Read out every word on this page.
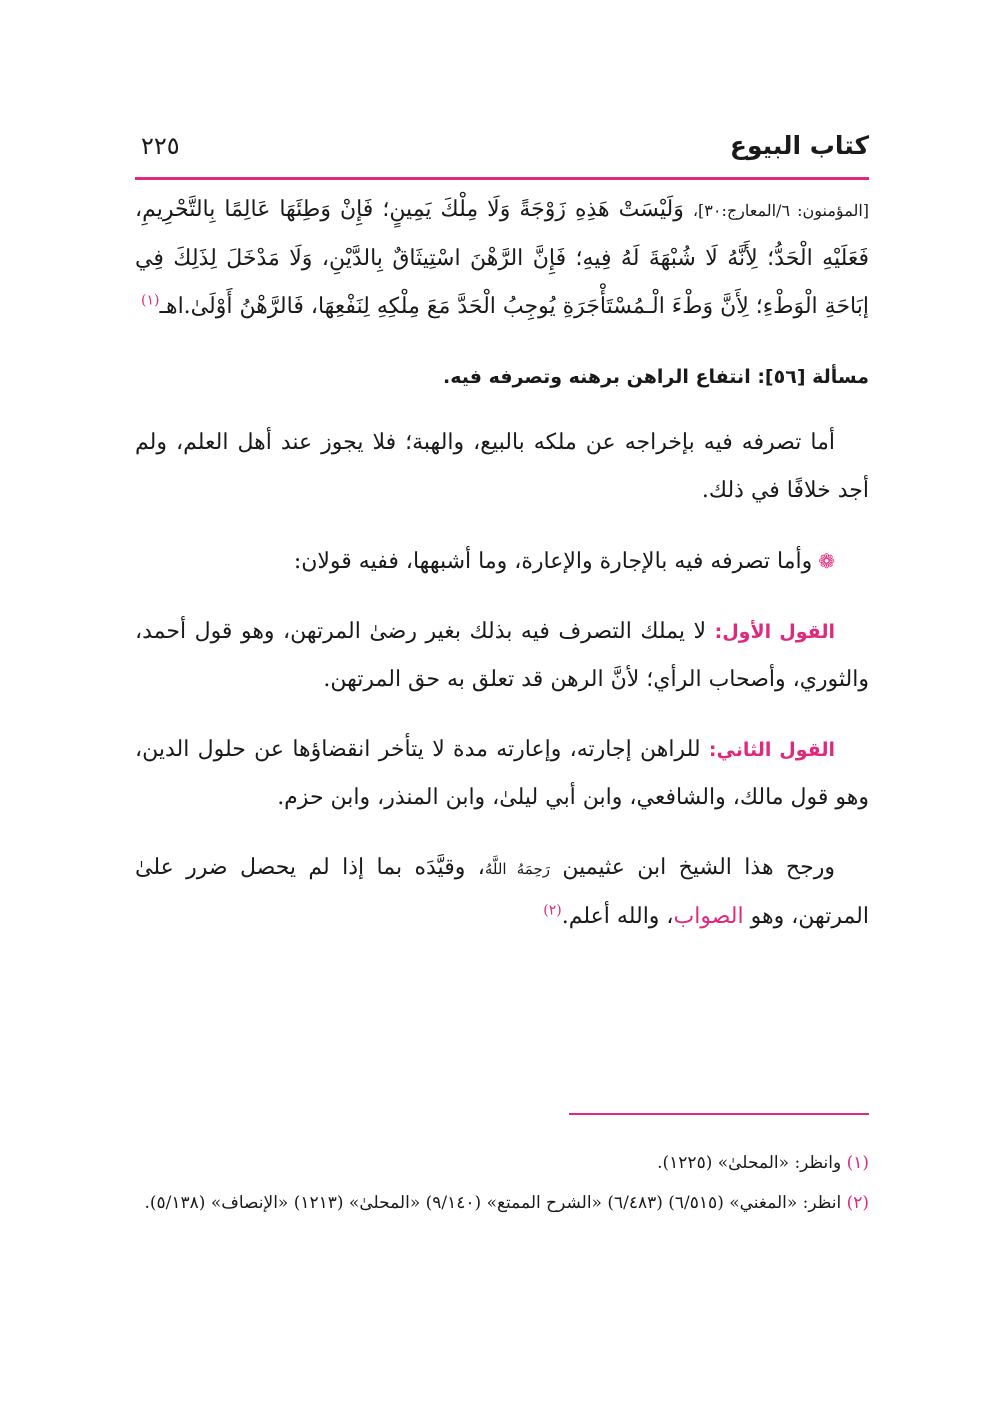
كتاب البيوع
٢٢٥

[المؤمنون: ٦/المعارج:٣٠]، وَلَيْسَتْ هَذِهِ زَوْجَةً وَلَا مِلْكَ يَمِينٍ؛ فَإِنْ وَطِئَهَا عَالِمًا بِالتَّحْرِيمِ، فَعَلَيْهِ الْحَدُّ؛ لِأَنَّهُ لَا شُبْهَةَ لَهُ فِيهِ؛ فَإِنَّ الرَّهْنَ اسْتِيثَاقٌ بِالدَّيْنِ، وَلَا مَدْخَلَ لِذَلِكَ فِي إبَاحَةِ الْوَطْءِ؛ لِأَنَّ وَطْءَ الْـمُسْتَأْجَرَةِ يُوجِبُ الْحَدَّ مَعَ مِلْكِهِ لِنَفْعِهَا، فَالرَّهْنُ أَوْلَىٰ.اهـ$^{(١)}$

مسألة [٥٦]: انتفاع الراهن برهنه وتصرفه فيه.

أما تصرفه فيه بإخراجه عن ملكه بالبيع، والهبة؛ فلا يجوز عند أهل العلم، ولم أجد خلافًا في ذلك.

❁وأما تصرفه فيه بالإجارة والإعارة، وما أشبهها، ففيه قولان:

القول الأول: لا يملك التصرف فيه بذلك بغير رضىٰ المرتهن، وهو قول أحمد، والثوري، وأصحاب الرأي؛ لأنَّ الرهن قد تعلق به حق المرتهن.

القول الثاني: للراهن إجارته، وإعارته مدة لا يتأخر انقضاؤها عن حلول الدين، وهو قول مالك، والشافعي، وابن أبي ليلىٰ، وابن المنذر، وابن حزم.

ورجح هذا الشيخ ابن عثيمين رَحِمَهُ اللَّهُ، وقيَّدَه بما إذا لم يحصل ضرر علىٰ المرتهن، وهو الصواب، والله أعلم.$^{(٢)}$

(١) وانظر: «المحلىٰ» (١٢٢٥).

(٢) انظر: «المغني» (٦/٥١٥) (٦/٤٨٣) «الشرح الممتع» (٩/١٤٠) «المحلىٰ» (١٢١٣) «الإنصاف» (٥/١٣٨).
